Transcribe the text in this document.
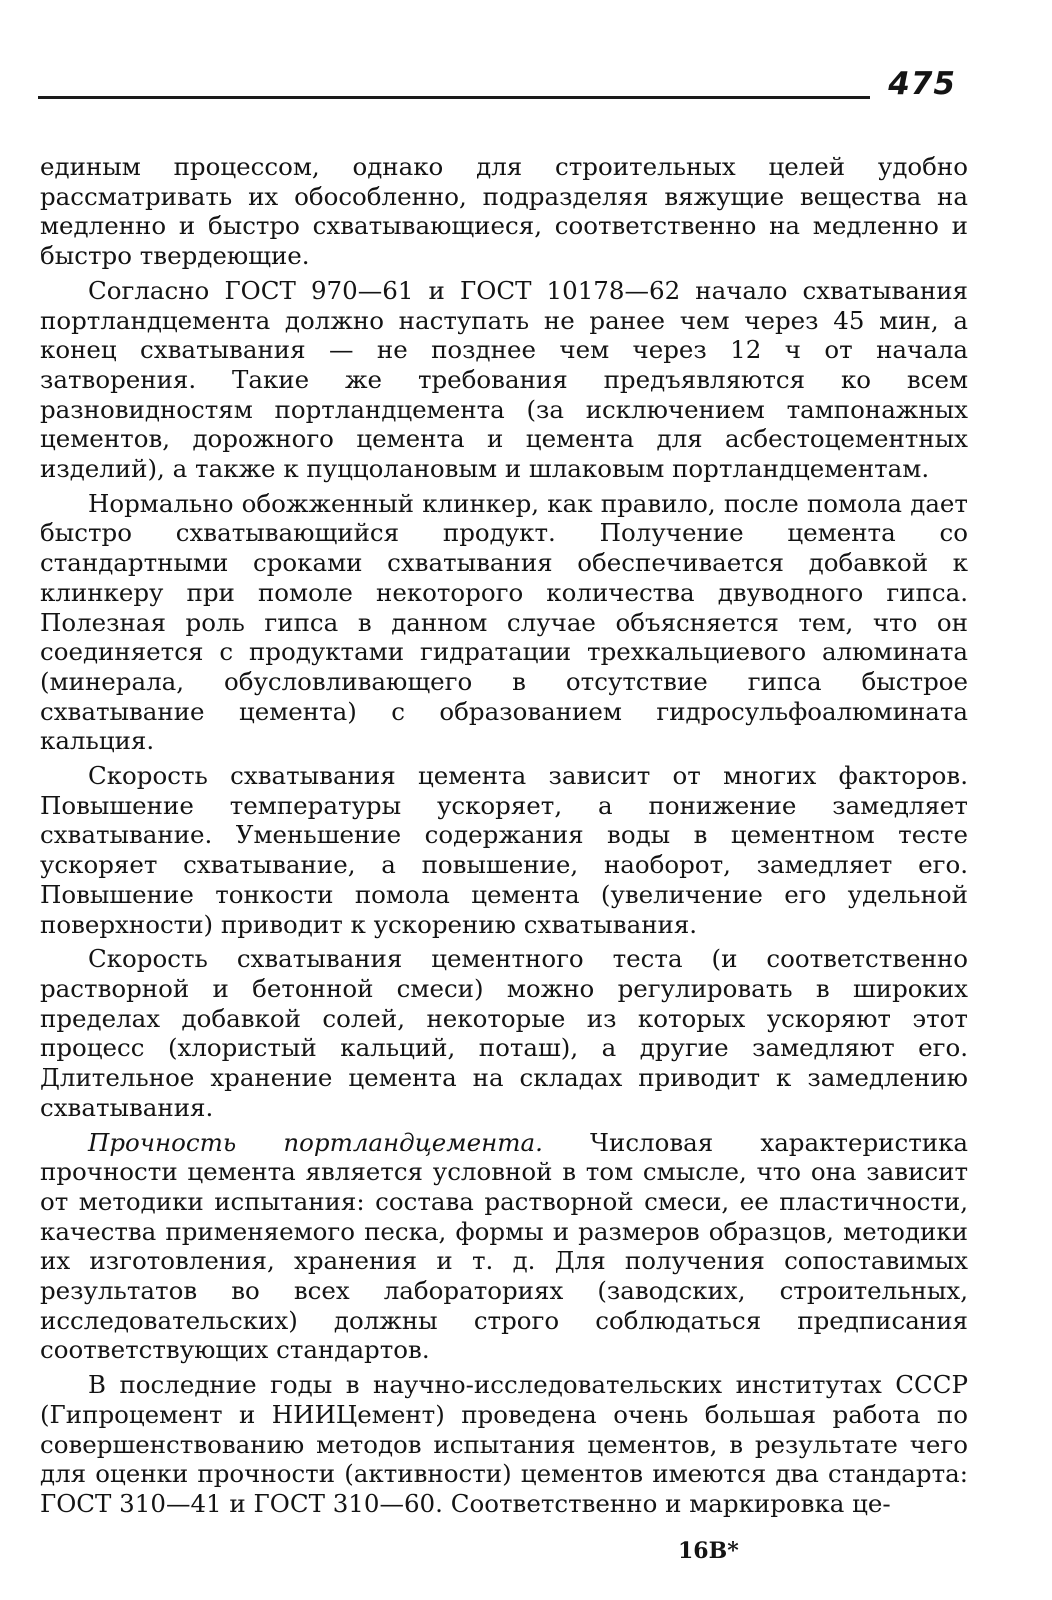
475

единым процессом, однако для строительных целей удобно рассматривать их обособленно, подразделяя вяжущие вещества на медленно и быстро схватывающиеся, соответственно на медленно и быстро твердеющие.

Согласно ГОСТ 970—61 и ГОСТ 10178—62 начало схватывания портландцемента должно наступать не ранее чем через 45 мин, а конец схватывания — не позднее чем через 12 ч от начала затворения. Такие же требования предъявляются ко всем разновидностям портландцемента (за исключением тампонажных цементов, дорожного цемента и цемента для асбестоцементных изделий), а также к пуццолановым и шлаковым портландцементам.

Нормально обожженный клинкер, как правило, после помола дает быстро схватывающийся продукт. Получение цемента со стандартными сроками схватывания обеспечивается добавкой к клинкеру при помоле некоторого количества двуводного гипса. Полезная роль гипса в данном случае объясняется тем, что он соединяется с продуктами гидратации трехкальциевого алюмината (минерала, обусловливающего в отсутствие гипса быстрое схватывание цемента) с образованием гидросульфоалюмината кальция.

Скорость схватывания цемента зависит от многих факторов. Повышение температуры ускоряет, а понижение замедляет схватывание. Уменьшение содержания воды в цементном тесте ускоряет схватывание, а повышение, наоборот, замедляет его. Повышение тонкости помола цемента (увеличение его удельной поверхности) приводит к ускорению схватывания.

Скорость схватывания цементного теста (и соответственно растворной и бетонной смеси) можно регулировать в широких пределах добавкой солей, некоторые из которых ускоряют этот процесс (хлористый кальций, поташ), а другие замедляют его. Длительное хранение цемента на складах приводит к замедлению схватывания.

Прочность портландцемента. Числовая характеристика прочности цемента является условной в том смысле, что она зависит от методики испытания: состава растворной смеси, ее пластичности, качества применяемого песка, формы и размеров образцов, методики их изготовления, хранения и т. д. Для получения сопоставимых результатов во всех лабораториях (заводских, строительных, исследовательских) должны строго соблюдаться предписания соответствующих стандартов.

В последние годы в научно-исследовательских институтах СССР (Гипроцемент и НИИЦемент) проведена очень большая работа по совершенствованию методов испытания цементов, в результате чего для оценки прочности (активности) цементов имеются два стандарта: ГОСТ 310—41 и ГОСТ 310—60. Соответственно и маркировка це-

16В*
